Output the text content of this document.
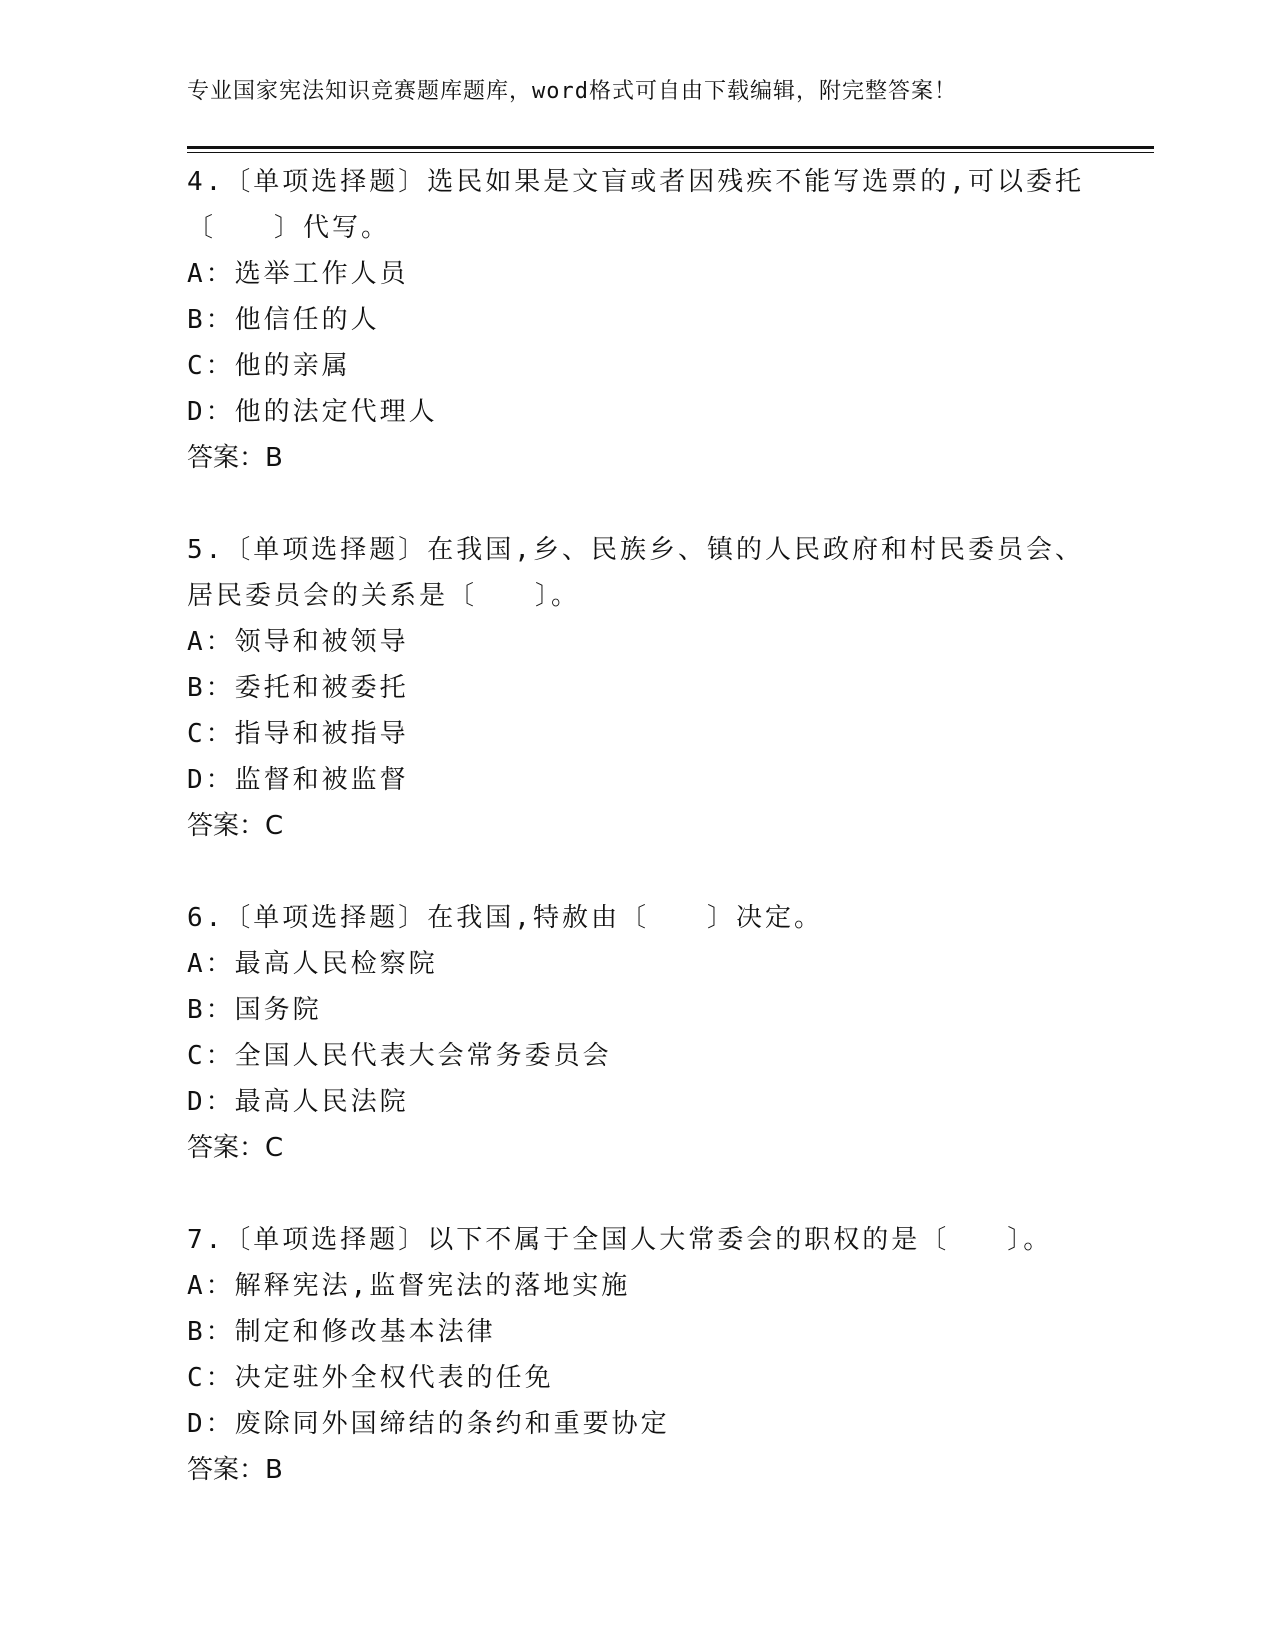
专业国家宪法知识竞赛题库题库，word格式可自由下载编辑，附完整答案！
4.〔单项选择题〕选民如果是文盲或者因残疾不能写选票的,可以委托
〔　　〕代写。
A：选举工作人员
B：他信任的人
C：他的亲属
D：他的法定代理人
答案：B
5.〔单项选择题〕在我国,乡、民族乡、镇的人民政府和村民委员会、
居民委员会的关系是〔　　〕。
A：领导和被领导
B：委托和被委托
C：指导和被指导
D：监督和被监督
答案：C
6.〔单项选择题〕在我国,特赦由〔　　〕决定。
A：最高人民检察院
B：国务院
C：全国人民代表大会常务委员会
D：最高人民法院
答案：C
7.〔单项选择题〕以下不属于全国人大常委会的职权的是〔　　〕。
A：解释宪法,监督宪法的落地实施
B：制定和修改基本法律
C：决定驻外全权代表的任免
D：废除同外国缔结的条约和重要协定
答案：B
